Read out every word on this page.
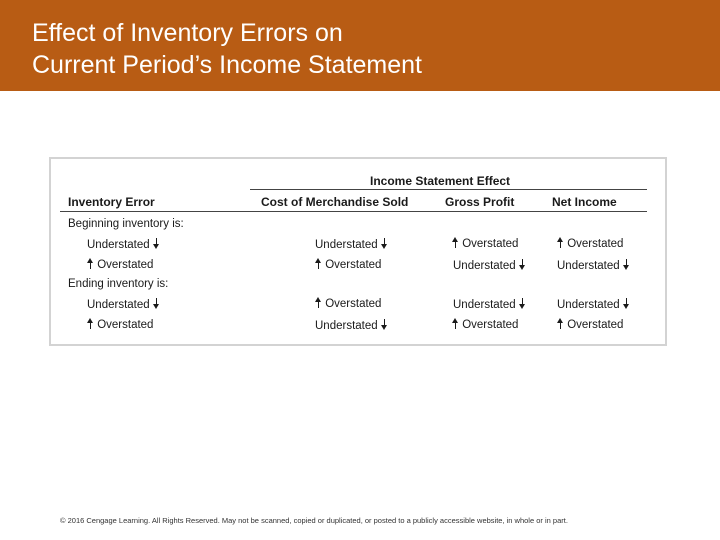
Effect of Inventory Errors on
Current Period’s Income Statement
Income Statement Effect
Inventory Error	Cost of Merchandise Sold	Gross Profit	Net Income
Beginning inventory is:
Understated	Understated	Overstated	Overstated
Overstated	Overstated	Understated	Understated
Ending inventory is:
Understated	Overstated	Understated	Understated
Overstated	Understated	Overstated	Overstated
© 2016 Cengage Learning. All Rights Reserved. May not be scanned, copied or duplicated, or posted to a publicly accessible website, in whole or in part.
